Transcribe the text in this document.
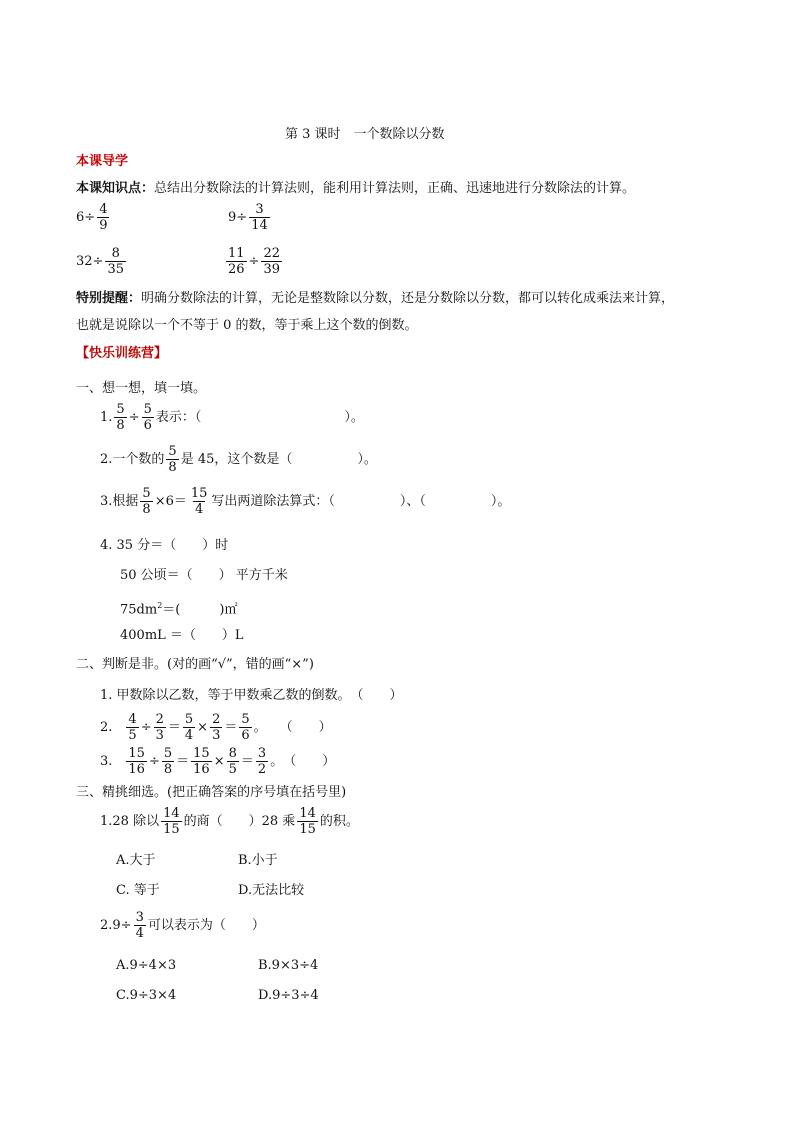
第 3 课时　一个数除以分数
本课导学
本课知识点：总结出分数除法的计算法则，能利用计算法则，正确、迅速地进行分数除法的计算。
$6 \div \frac{4}{9}$	$9 \div \frac{3}{14}$
$32 \div \frac{8}{35}$	$\frac{11}{26} \div \frac{22}{39}$
特别提醒：明确分数除法的计算，无论是整数除以分数，还是分数除以分数，都可以转化成乘法来计算，
也就是说除以一个不等于 0 的数，等于乘上这个数的倒数。
【快乐训练营】
一、想一想，填一填。
1. $\frac{5}{8} \div \frac{5}{6}$ 表示：（　　　　　　　　　　　）。
2.一个数的 $\frac{5}{8}$ 是 45，这个数是（　　　　　）。
3.根据 $\frac{5}{8} \times 6= \frac{15}{4}$ 写出两道除法算式：（　　　　　）、（　　　　　）。
4. 35 分＝（　　）时
50 公顷＝（　　） 平方千米
$75dm^2=$(　　　)㎡
400mL ＝（　　）L
二、判断是非。(对的画“√”，错的画“×”)
1. 甲数除以乙数，等于甲数乘乙数的倒数。　（　　）
2. $\frac{4}{5} \div \frac{2}{3} = \frac{5}{4} \times \frac{2}{3} = \frac{5}{6}$ 。　　（　　）
3. $\frac{15}{16} \div \frac{5}{8} = \frac{15}{16} \times \frac{8}{5} = \frac{3}{2}$ 。　（　　）
三、精挑细选。(把正确答案的序号填在括号里)
1.28 除以 $\frac{14}{15}$ 的商（　　）28 乘 $\frac{14}{15}$ 的积。
A.大于	B.小于
C. 等于	D.无法比较
$2.9\div \frac{3}{4}$ 可以表示为（　　）
A.9÷4×3	B.9×3÷4
C.9÷3×4	D.9÷3÷4
